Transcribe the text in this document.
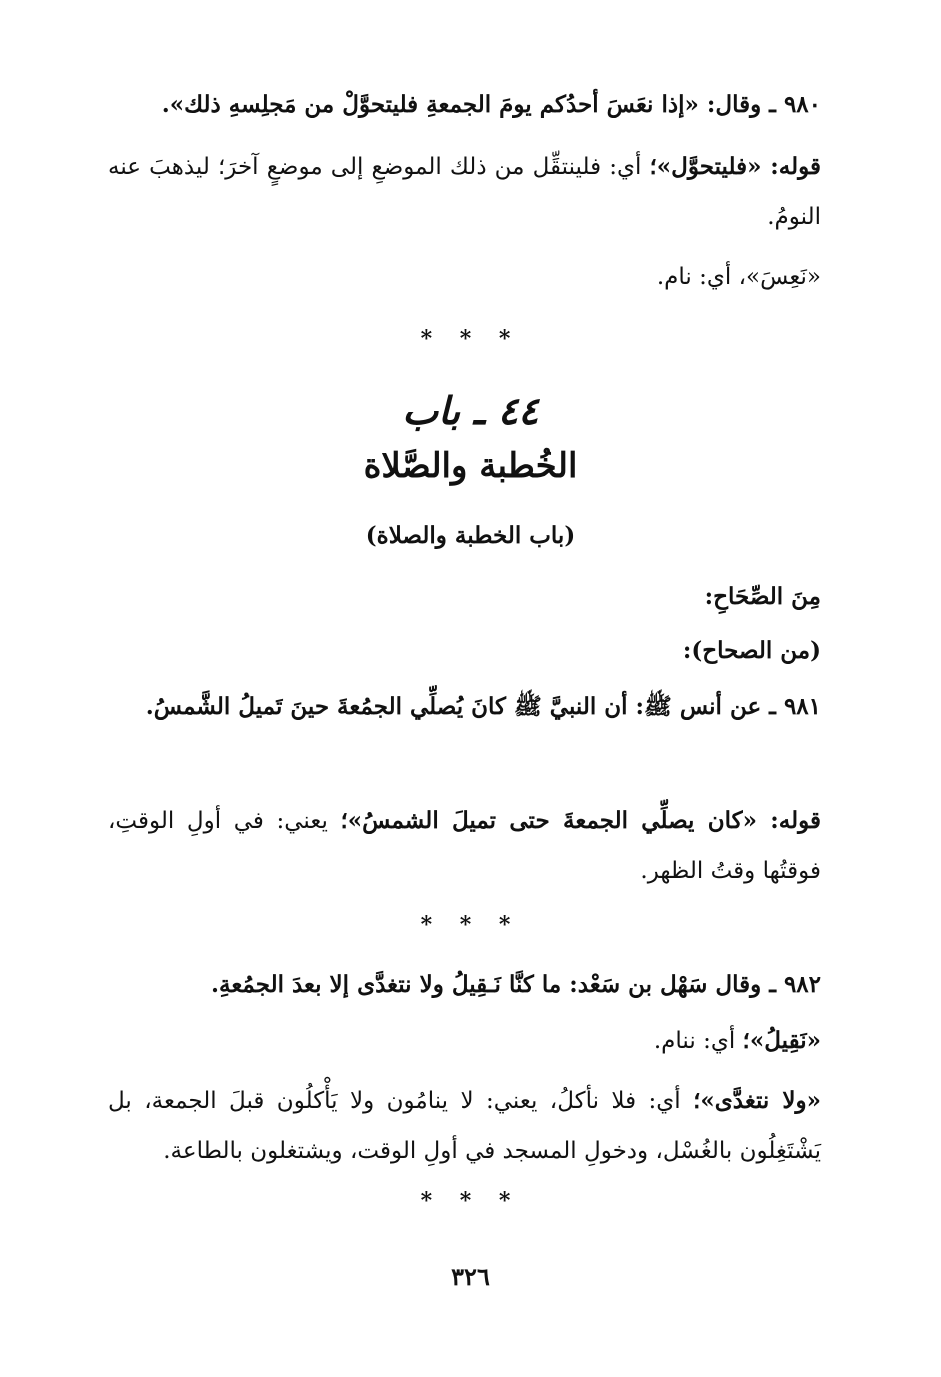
٩٨٠ ـ وقال: «إذا نعَسَ أحدُكم يومَ الجمعةِ فليتحوَّلْ من مَجلِسهِ ذلك».
قوله: «فليتحوَّل»؛ أي: فلينتقِّل من ذلك الموضعِ إلى موضعٍ آخرَ؛ ليذهبَ عنه النومُ.
«نَعِسَ»، أي: نام.
* * *
٤٤ ـ باب
الخُطبة والصَّلاة
(باب الخطبة والصلاة)
مِنَ الصِّحَاحِ:
(من الصحاح):
٩٨١ ـ عن أنس ﷺ: أن النبيَّ ﷺ كانَ يُصلِّي الجمُعةَ حينَ تَميلُ الشَّمسُ.
قوله: «كان يصلِّي الجمعةَ حتى تميلَ الشمسُ»؛ يعني: في أولِ الوقتِ، فوقتُها وقتُ الظهر.
* * *
٩٨٢ ـ وقال سَهْل بن سَعْد: ما كنَّا نَـقِيلُ ولا نتغدَّى إلا بعدَ الجمُعةِ.
«نَقِيلُ»؛ أي: ننام.
«ولا نتغدَّى»؛ أي: فلا نأكلُ، يعني: لا ينامُون ولا يَأْكلُون قبلَ الجمعة، بل يَشْتَغِلُون بالغُسْل، ودخولِ المسجد في أولِ الوقت، ويشتغلون بالطاعة.
* * *
٣٢٦
